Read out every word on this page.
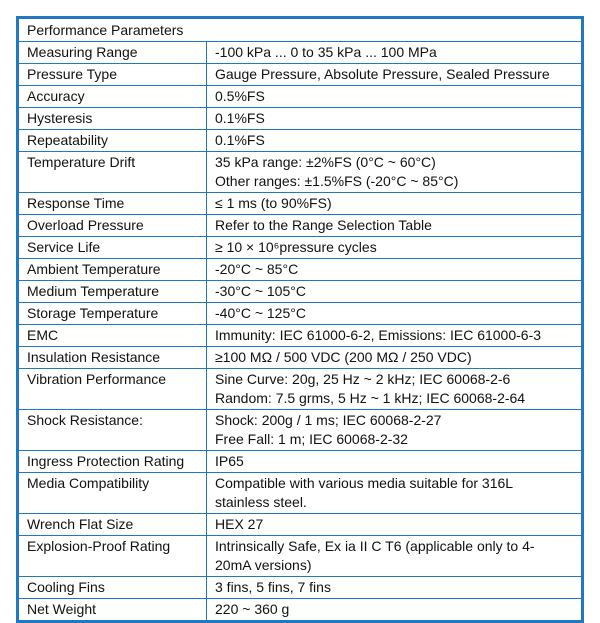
Performance Parameters	
Measuring Range	-100 kPa ... 0 to 35 kPa ... 100 MPa
Pressure Type	Gauge Pressure, Absolute Pressure, Sealed Pressure
Accuracy	0.5%FS
Hysteresis	0.1%FS
Repeatability	0.1%FS
Temperature Drift	35 kPa range: ±2%FS (0°C ~ 60°C)
Other ranges: ±1.5%FS (-20°C ~ 85°C)
Response Time	≤ 1 ms (to 90%FS)
Overload Pressure	Refer to the Range Selection Table
Service Life	≥ 10 × 10⁶pressure cycles
Ambient Temperature	-20°C ~ 85°C
Medium Temperature	-30°C ~ 105°C
Storage Temperature	-40°C ~ 125°C
EMC	Immunity: IEC 61000-6-2, Emissions: IEC 61000-6-3
Insulation Resistance	≥100 MΩ / 500 VDC (200 MΩ / 250 VDC)
Vibration Performance	Sine Curve: 20g, 25 Hz ~ 2 kHz; IEC 60068-2-6
Random: 7.5 grms, 5 Hz ~ 1 kHz; IEC 60068-2-64
Shock Resistance:	Shock: 200g / 1 ms; IEC 60068-2-27
Free Fall: 1 m; IEC 60068-2-32
Ingress Protection Rating	IP65
Media Compatibility	Compatible with various media suitable for 316L
stainless steel.
Wrench Flat Size	HEX 27
Explosion-Proof Rating	Intrinsically Safe, Ex ia II C T6 (applicable only to 4-
20mA versions)
Cooling Fins	3 fins, 5 fins, 7 fins
Net Weight	220 ~ 360 g
